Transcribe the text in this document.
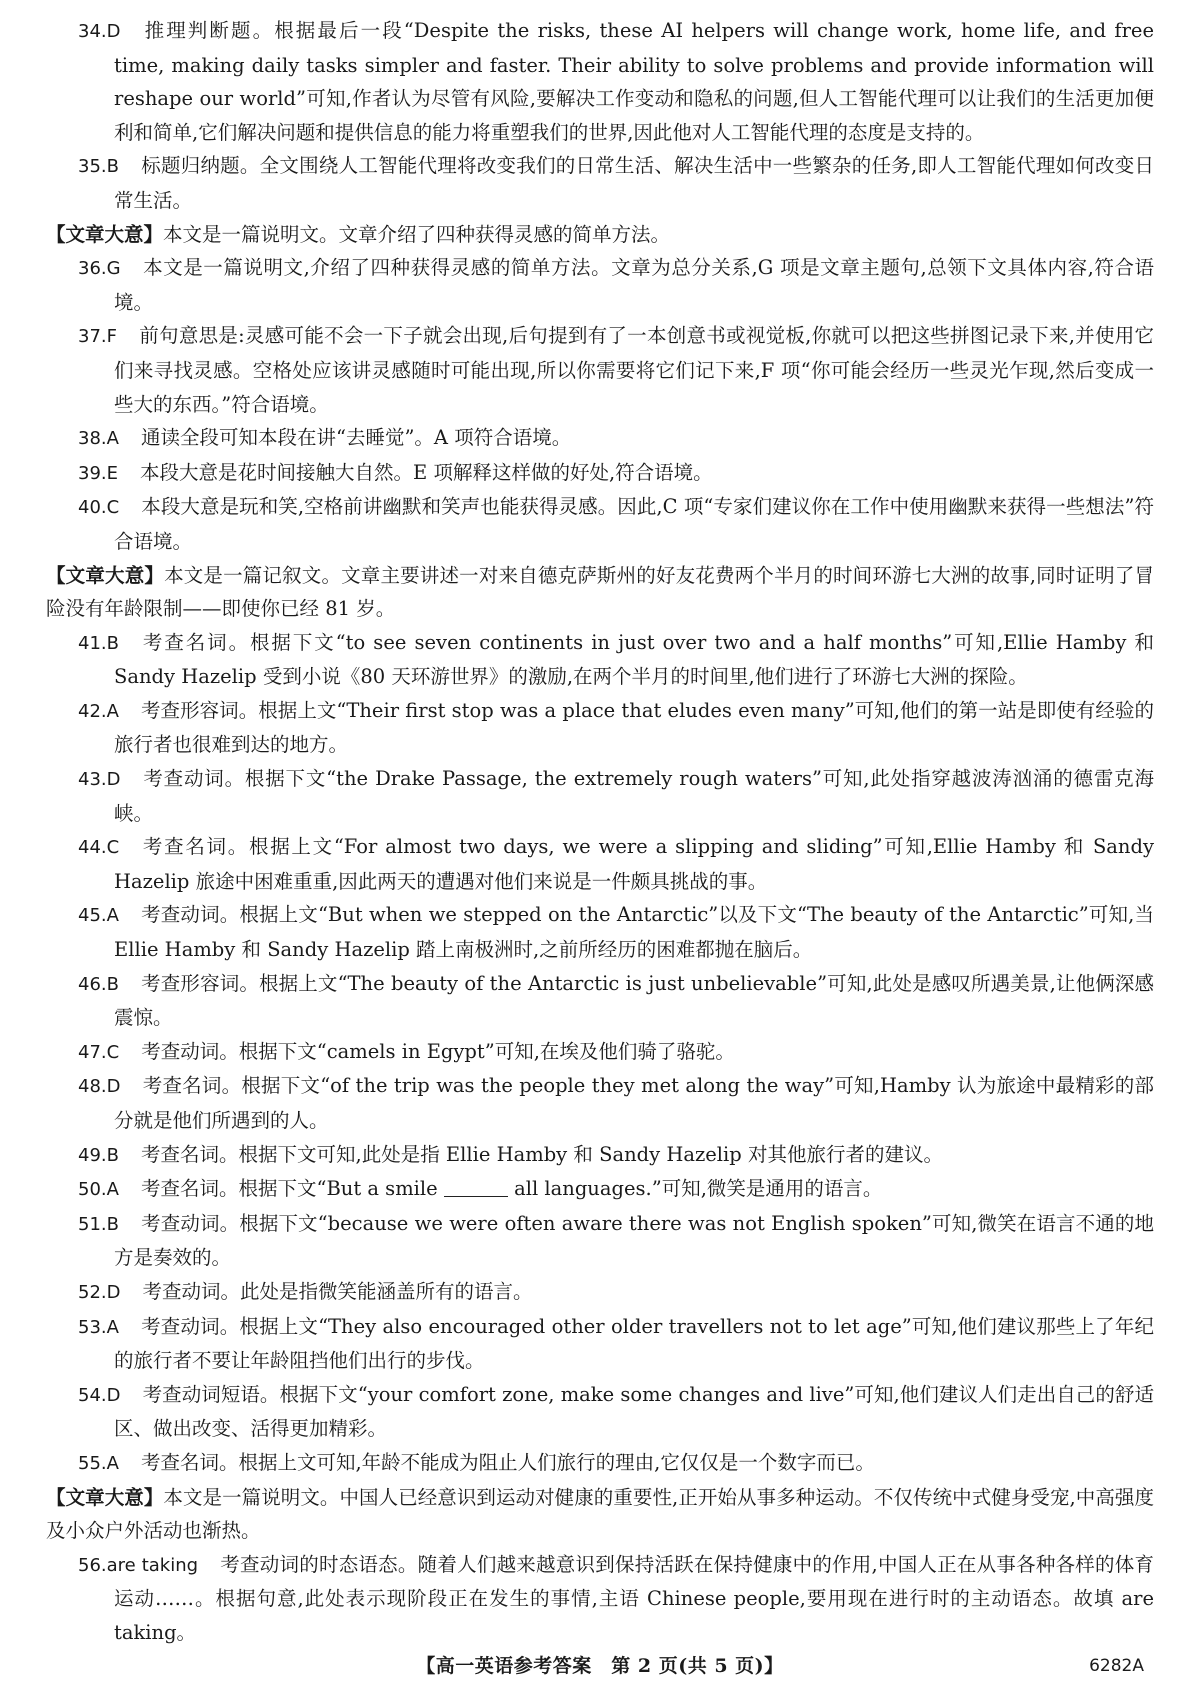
34.D 推理判断题。根据最后一段“Despite the risks, these AI helpers will change work, home life, and free time, making daily tasks simpler and faster. Their ability to solve problems and provide information will reshape our world”可知,作者认为尽管有风险,要解决工作变动和隐私的问题,但人工智能代理可以让我们的生活更加便利和简单,它们解决问题和提供信息的能力将重塑我们的世界,因此他对人工智能代理的态度是支持的。
35.B 标题归纳题。全文围绕人工智能代理将改变我们的日常生活、解决生活中一些繁杂的任务,即人工智能代理如何改变日常生活。
【文章大意】本文是一篇说明文。文章介绍了四种获得灵感的简单方法。
36.G 本文是一篇说明文,介绍了四种获得灵感的简单方法。文章为总分关系,G 项是文章主题句,总领下文具体内容,符合语境。
37.F 前句意思是:灵感可能不会一下子就会出现,后句提到有了一本创意书或视觉板,你就可以把这些拼图记录下来,并使用它们来寻找灵感。空格处应该讲灵感随时可能出现,所以你需要将它们记下来,F 项“你可能会经历一些灵光乍现,然后变成一些大的东西。”符合语境。
38.A 通读全段可知本段在讲“去睡觉”。A 项符合语境。
39.E 本段大意是花时间接触大自然。E 项解释这样做的好处,符合语境。
40.C 本段大意是玩和笑,空格前讲幽默和笑声也能获得灵感。因此,C 项“专家们建议你在工作中使用幽默来获得一些想法”符合语境。
【文章大意】本文是一篇记叙文。文章主要讲述一对来自德克萨斯州的好友花费两个半月的时间环游七大洲的故事,同时证明了冒险没有年龄限制——即使你已经 81 岁。
41.B 考查名词。根据下文“to see seven continents in just over two and a half months”可知,Ellie Hamby 和 Sandy Hazelip 受到小说《80 天环游世界》的激励,在两个半月的时间里,他们进行了环游七大洲的探险。
42.A 考查形容词。根据上文“Their first stop was a place that eludes even many”可知,他们的第一站是即使有经验的旅行者也很难到达的地方。
43.D 考查动词。根据下文“the Drake Passage, the extremely rough waters”可知,此处指穿越波涛汹涌的德雷克海峡。
44.C 考查名词。根据上文“For almost two days, we were a slipping and sliding”可知,Ellie Hamby 和 Sandy Hazelip 旅途中困难重重,因此两天的遭遇对他们来说是一件颇具挑战的事。
45.A 考查动词。根据上文“But when we stepped on the Antarctic”以及下文“The beauty of the Antarctic”可知,当 Ellie Hamby 和 Sandy Hazelip 踏上南极洲时,之前所经历的困难都抛在脑后。
46.B 考查形容词。根据上文“The beauty of the Antarctic is just unbelievable”可知,此处是感叹所遇美景,让他俩深感震惊。
47.C 考查动词。根据下文“camels in Egypt”可知,在埃及他们骑了骆驼。
48.D 考查名词。根据下文“of the trip was the people they met along the way”可知,Hamby 认为旅途中最精彩的部分就是他们所遇到的人。
49.B 考查名词。根据下文可知,此处是指 Ellie Hamby 和 Sandy Hazelip 对其他旅行者的建议。
50.A 考查名词。根据下文“But a smile	all languages.”可知,微笑是通用的语言。
51.B 考查动词。根据下文“because we were often aware there was not English spoken”可知,微笑在语言不通的地方是奏效的。
52.D 考查动词。此处是指微笑能涵盖所有的语言。
53.A 考查动词。根据上文“They also encouraged other older travellers not to let age”可知,他们建议那些上了年纪的旅行者不要让年龄阻挡他们出行的步伐。
54.D 考查动词短语。根据下文“your comfort zone, make some changes and live”可知,他们建议人们走出自己的舒适区、做出改变、活得更加精彩。
55.A 考查名词。根据上文可知,年龄不能成为阻止人们旅行的理由,它仅仅是一个数字而已。
【文章大意】本文是一篇说明文。中国人已经意识到运动对健康的重要性,正开始从事多种运动。不仅传统中式健身受宠,中高强度及小众户外活动也渐热。
56.are taking 考查动词的时态语态。随着人们越来越意识到保持活跃在保持健康中的作用,中国人正在从事各种各样的体育运动……。根据句意,此处表示现阶段正在发生的事情,主语 Chinese people,要用现在进行时的主动语态。故填 are taking。
【高一英语参考答案　第 2 页(共 5 页)】	6282A
